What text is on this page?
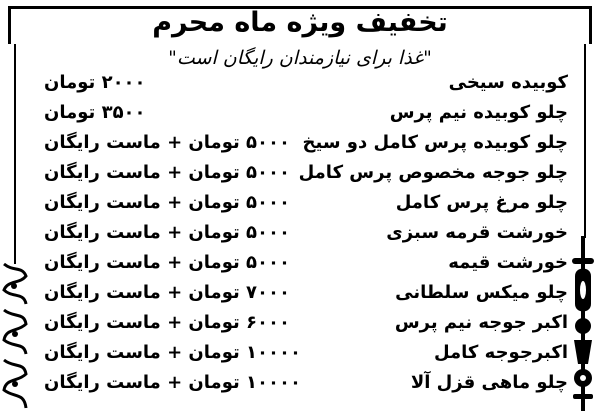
تخفیف ویژه ماه محرم
"غذا برای نیازمندان رایگان است"
کوبیده سیخی
۲۰۰۰ تومان
چلو کوبیده نیم پرس
۳۵۰۰ تومان
چلو کوبیده پرس کامل دو سیخ
۵۰۰۰ تومان + ماست رایگان
چلو جوجه مخصوص پرس کامل
۵۰۰۰ تومان + ماست رایگان
چلو مرغ پرس کامل
۵۰۰۰ تومان + ماست رایگان
خورشت قرمه سبزی
۵۰۰۰ تومان + ماست رایگان
خورشت قیمه
۵۰۰۰ تومان + ماست رایگان
چلو میکس سلطانی
۷۰۰۰ تومان + ماست رایگان
اکبر جوجه نیم پرس
۶۰۰۰ تومان + ماست رایگان
اکبرجوجه کامل
۱۰۰۰۰ تومان + ماست رایگان
چلو ماهی قزل آلا
۱۰۰۰۰ تومان + ماست رایگان
